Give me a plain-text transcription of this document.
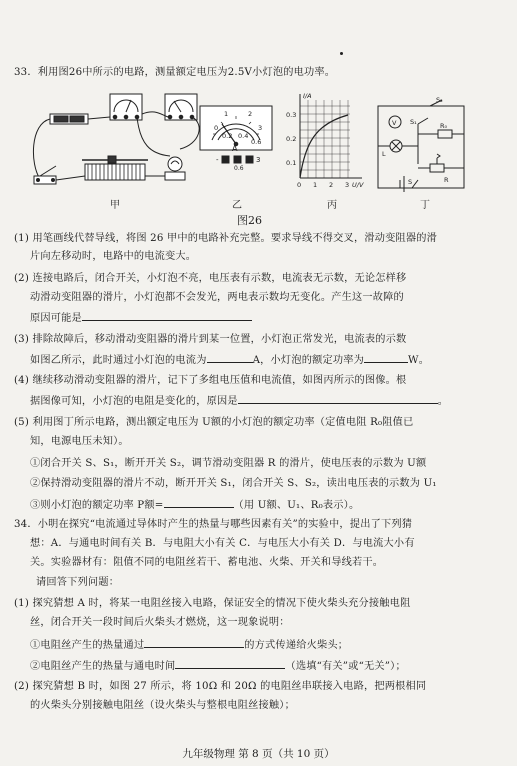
33．利用图26中所示的电路，测量额定电压为2.5V小灯泡的电功率。
0
1	2
3
0.2 0.4
0.6
A
-
0.6
3
I/A
0.3
0.2
0.1
0 1 2 3 U/V
V
S₂
S₁	R₀
L
R
S
甲	乙	丙	丁
图26
(1) 用笔画线代替导线，将图 26 甲中的电路补充完整。要求导线不得交叉，滑动变阻器的滑
片向左移动时，电路中的电流变大。
(2) 连接电路后，闭合开关，小灯泡不亮，电压表有示数，电流表无示数，无论怎样移
动滑动变阻器的滑片，小灯泡都不会发光，两电表示数均无变化。产生这一故障的
原因可能是
(3) 排除故障后，移动滑动变阻器的滑片到某一位置，小灯泡正常发光，电流表的示数
如图乙所示，此时通过小灯泡的电流为	A，小灯泡的额定功率为	W。
(4) 继续移动滑动变阻器的滑片，记下了多组电压值和电流值，如图丙所示的图像。根
据图像可知，小灯泡的电阻是变化的，原因是	。
(5) 利用图丁所示电路，测出额定电压为 U额的小灯泡的额定功率（定值电阻 R₀阻值已
知，电源电压未知）。
①闭合开关 S、S₁，断开开关 S₂，调节滑动变阻器 R 的滑片，使电压表的示数为 U额
②保持滑动变阻器的滑片不动，断开开关 S₁，闭合开关 S、S₂，读出电压表的示数为 U₁
③则小灯泡的额定功率 P额=	（用 U额、U₁、R₀表示）。
34．小明在探究“电流通过导体时产生的热量与哪些因素有关”的实验中，提出了下列猜
想：A．与通电时间有关 B．与电阻大小有关 C．与电压大小有关 D．与电流大小有
关。实验器材有：阻值不同的电阻丝若干、蓄电池、火柴、开关和导线若干。
请回答下列问题：
(1) 探究猜想 A 时，将某一电阻丝接入电路，保证安全的情况下使火柴头充分接触电阻
丝，闭合开关一段时间后火柴头才燃烧，这一现象说明：
①电阻丝产生的热量通过	的方式传递给火柴头；
②电阻丝产生的热量与通电时间	（选填“有关”或“无关”）；
(2) 探究猜想 B 时，如图 27 所示，将 10Ω 和 20Ω 的电阻丝串联接入电路，把两根相同
的火柴头分别接触电阻丝（设火柴头与整根电阻丝接触）；
九年级物理 第 8 页（共 10 页）
